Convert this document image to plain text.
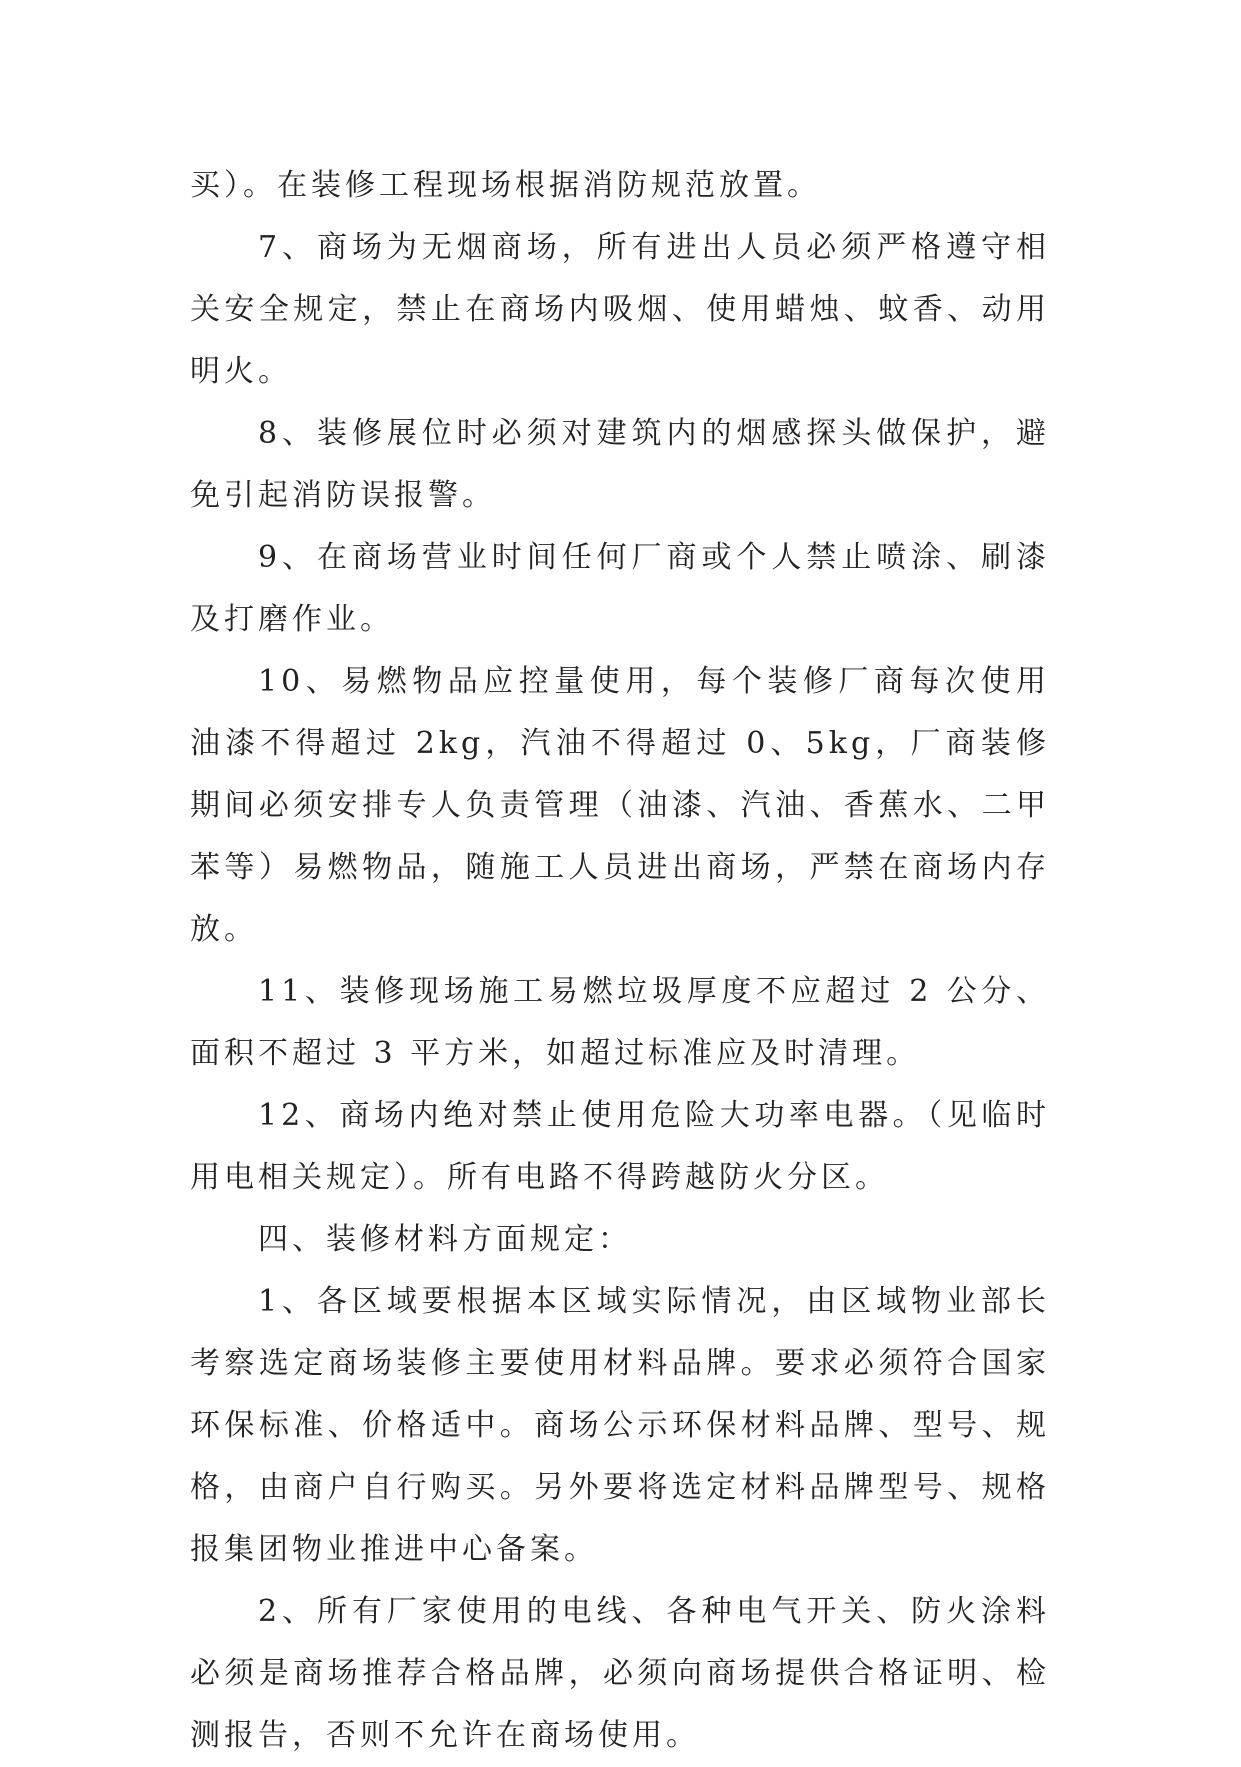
买）。在装修工程现场根据消防规范放置。

7、商场为无烟商场，所有进出人员必须严格遵守相关安全规定，禁止在商场内吸烟、使用蜡烛、蚊香、动用明火。

8、装修展位时必须对建筑内的烟感探头做保护，避免引起消防误报警。

9、在商场营业时间任何厂商或个人禁止喷涂、刷漆及打磨作业。

10、易燃物品应控量使用，每个装修厂商每次使用油漆不得超过 2kg，汽油不得超过 0、5kg，厂商装修期间必须安排专人负责管理（油漆、汽油、香蕉水、二甲苯等）易燃物品，随施工人员进出商场，严禁在商场内存放。

11、装修现场施工易燃垃圾厚度不应超过 2 公分、面积不超过 3 平方米，如超过标准应及时清理。

12、商场内绝对禁止使用危险大功率电器。（见临时用电相关规定）。所有电路不得跨越防火分区。

四、装修材料方面规定：

1、各区域要根据本区域实际情况，由区域物业部长考察选定商场装修主要使用材料品牌。要求必须符合国家环保标准、价格适中。商场公示环保材料品牌、型号、规格，由商户自行购买。另外要将选定材料品牌型号、规格报集团物业推进中心备案。

2、所有厂家使用的电线、各种电气开关、防火涂料必须是商场推荐合格品牌，必须向商场提供合格证明、检测报告，否则不允许在商场使用。
